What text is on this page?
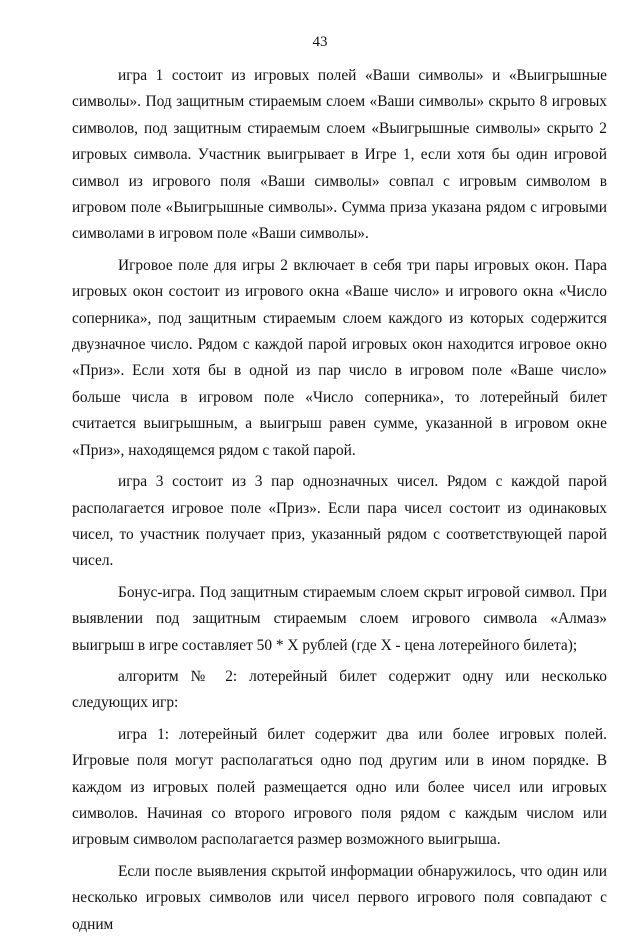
43

игра 1 состоит из игровых полей «Ваши символы» и «Выигрышные символы». Под защитным стираемым слоем «Ваши символы» скрыто 8 игровых символов, под защитным стираемым слоем «Выигрышные символы» скрыто 2 игровых символа. Участник выигрывает в Игре 1, если хотя бы один игровой символ из игрового поля «Ваши символы» совпал с игровым символом в игровом поле «Выигрышные символы». Сумма приза указана рядом с игровыми символами в игровом поле «Ваши символы».

Игровое поле для игры 2 включает в себя три пары игровых окон. Пара игровых окон состоит из игрового окна «Ваше число» и игрового окна «Число соперника», под защитным стираемым слоем каждого из которых содержится двузначное число. Рядом с каждой парой игровых окон находится игровое окно «Приз». Если хотя бы в одной из пар число в игровом поле «Ваше число» больше числа в игровом поле «Число соперника», то лотерейный билет считается выигрышным, а выигрыш равен сумме, указанной в игровом окне «Приз», находящемся рядом с такой парой.

игра 3 состоит из 3 пар однозначных чисел. Рядом с каждой парой располагается игровое поле «Приз». Если пара чисел состоит из одинаковых чисел, то участник получает приз, указанный рядом с соответствующей парой чисел.

Бонус-игра. Под защитным стираемым слоем скрыт игровой символ. При выявлении под защитным стираемым слоем игрового символа «Алмаз» выигрыш в игре составляет 50 * Х рублей (где Х - цена лотерейного билета);

алгоритм № 2: лотерейный билет содержит одну или несколько следующих игр:

игра 1: лотерейный билет содержит два или более игровых полей. Игровые поля могут располагаться одно под другим или в ином порядке. В каждом из игровых полей размещается одно или более чисел или игровых символов. Начиная со второго игрового поля рядом с каждым числом или игровым символом располагается размер возможного выигрыша.

Если после выявления скрытой информации обнаружилось, что один или несколько игровых символов или чисел первого игрового поля совпадают с одним
